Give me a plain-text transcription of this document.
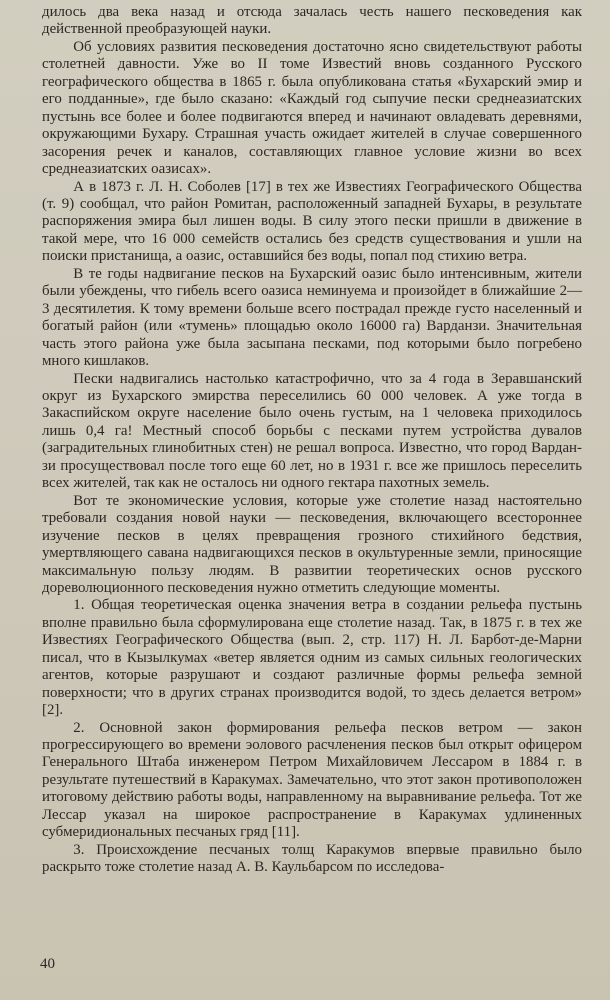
дилось два века назад и отсюда зачалась честь нашего песковедения как действенной преобразующей науки.

Об условиях развития песковедения достаточно ясно свидетельствуют работы столетней давности. Уже во II томе Известий вновь созданного Русского географического общества в 1865 г. была опубликована статья «Бухарский эмир и его подданные», где было сказано: «Каждый год сыпучие пески среднеазиатских пустынь все более и более подвигаются вперед и начинают овладевать деревнями, окружающими Бухару. Страшная участь ожидает жителей в случае совершенного засорения речек и каналов, составляющих главное условие жизни во всех среднеазиатских оазисах».

А в 1873 г. Л. Н. Соболев [17] в тех же Известиях Географического Общества (т. 9) сообщал, что район Ромитан, расположенный западней Бухары, в результате распоряжения эмира был лишен воды. В силу этого пески пришли в движение в такой мере, что 16 000 семейств остались без средств существования и ушли на поиски пристанища, а оазис, оставшийся без воды, попал под стихию ветра.

В те годы надвигание песков на Бухарский оазис было интенсивным, жители были убеждены, что гибель всего оазиса неминуема и произойдет в ближайшие 2—3 десятилетия. К тому времени больше всего пострадал прежде густо населенный и богатый район (или «тумень» площадью около 16000 га) Варданзи. Значительная часть этого района уже была засыпана песками, под которыми было погребено много кишлаков.

Пески надвигались настолько катастрофично, что за 4 года в Зеравшанский округ из Бухарского эмирства переселились 60 000 человек. А уже тогда в Закаспийском округе население было очень густым, на 1 человека приходилось лишь 0,4 га! Местный способ борьбы с песками путем устройства дувалов (заградительных глинобитных стен) не решал вопроса. Известно, что город Варданзи просуществовал после того еще 60 лет, но в 1931 г. все же пришлось переселить всех жителей, так как не осталось ни одного гектара пахотных земель.

Вот те экономические условия, которые уже столетие назад настоятельно требовали создания новой науки — песковедения, включающего всестороннее изучение песков в целях превращения грозного стихийного бедствия, умертвляющего савана надвигающихся песков в окультуренные земли, приносящие максимальную пользу людям. В развитии теоретических основ русского дореволюционного песковедения нужно отметить следующие моменты.

1. Общая теоретическая оценка значения ветра в создании рельефа пустынь вполне правильно была сформулирована еще столетие назад. Так, в 1875 г. в тех же Известиях Географического Общества (вып. 2, стр. 117) Н. Л. Барбот-де-Марни писал, что в Кызылкумах «ветер является одним из самых сильных геологических агентов, которые разрушают и создают различные формы рельефа земной поверхности; что в других странах производится водой, то здесь делается ветром» [2].

2. Основной закон формирования рельефа песков ветром — закон прогрессирующего во времени эолового расчленения песков был открыт офицером Генерального Штаба инженером Петром Михайловичем Лессаром в 1884 г. в результате путешествий в Каракумах. Замечательно, что этот закон противоположен итоговому действию работы воды, направленному на выравнивание рельефа. Тот же Лессар указал на широкое распространение в Каракумах удлиненных субмеридиональных песчаных гряд [11].

3. Происхождение песчаных толщ Каракумов впервые правильно было раскрыто тоже столетие назад А. В. Каульбарсом по исследова-

40
